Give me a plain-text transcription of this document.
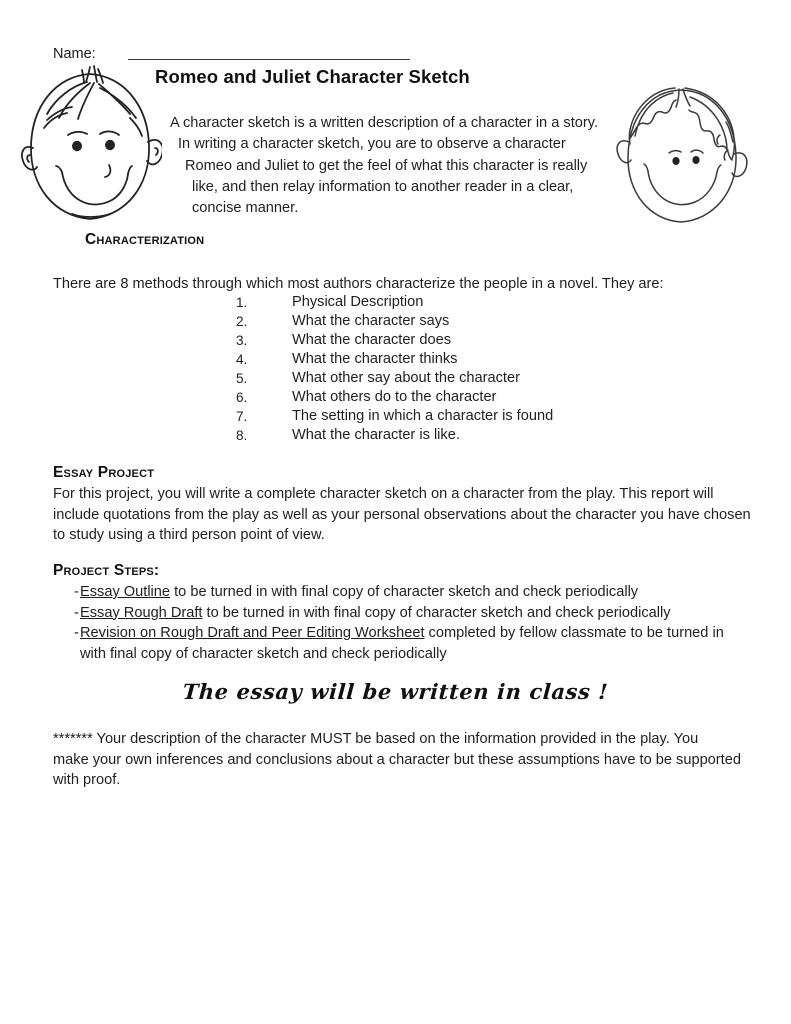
Name:
Romeo and Juliet Character Sketch
A character sketch is a written description of a character in a story.
In writing a character sketch, you are to observe a character
Romeo and Juliet to get the feel of what this character is really
like, and then relay information to another reader in a clear,
concise manner.
Characterization
There are 8 methods through which most authors characterize the people in a novel. They are:
1.	Physical Description
2.	What the character says
3.	What the character does
4.	What the character thinks
5.	What other say about the character
6.	What others do to the character
7.	The setting in which a character is found
8.	What the character is like.
Essay Project
For this project, you will write a complete character sketch on a character from the play. This report will
include quotations from the play as well as your personal observations about the character you have chosen
to study using a third person point of view.
Project Steps:
- Essay Outline to be turned in with final copy of character sketch and check periodically
- Essay Rough Draft to be turned in with final copy of character sketch and check periodically
- Revision on Rough Draft and Peer Editing Worksheet completed by fellow classmate to be turned in
with final copy of character sketch and check periodically
The essay will be written in class !
******* Your description of the character MUST be based on the information provided in the play. You
make your own inferences and conclusions about a character but these assumptions have to be supported
with proof.
